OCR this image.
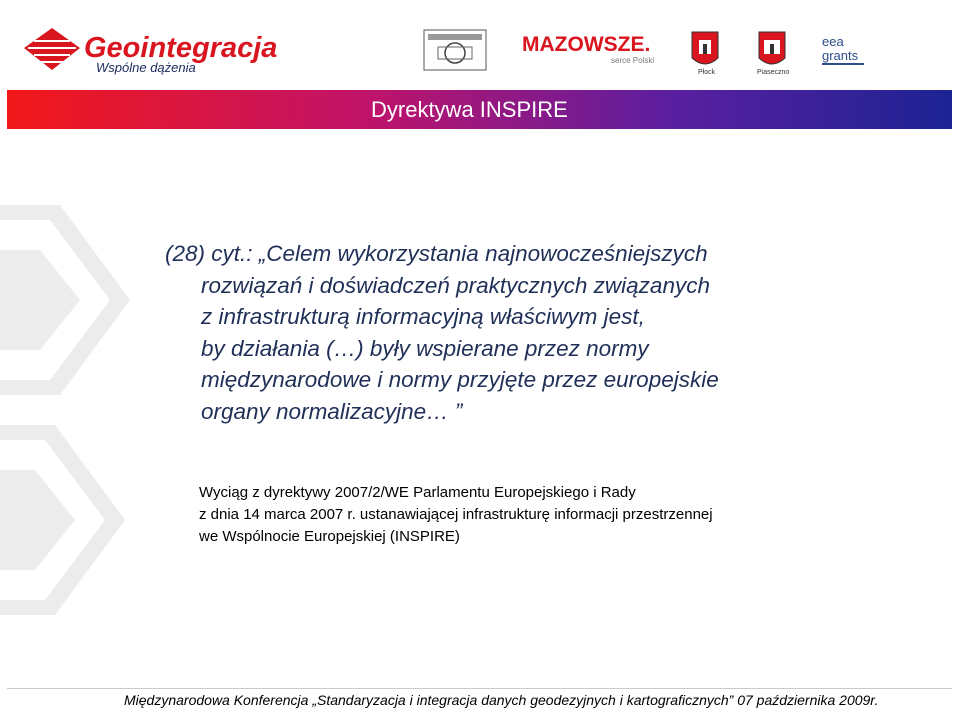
Geointegracja
Wspólne dążenia
MAZOWSZE.
serce Polski
Płock	Piaseczno
eea
grants
Dyrektywa INSPIRE
(28) cyt.: „Celem wykorzystania najnowocześniejszych
rozwiązań i doświadczeń praktycznych związanych
z infrastrukturą informacyjną właściwym jest,
by działania (…) były wspierane przez normy
międzynarodowe i normy przyjęte przez europejskie
organy normalizacyjne… ”
Wyciąg z dyrektywy 2007/2/WE Parlamentu Europejskiego i Rady
z dnia 14 marca 2007 r. ustanawiającej infrastrukturę informacji przestrzennej
we Wspólnocie Europejskiej (INSPIRE)
Międzynarodowa Konferencja „Standaryzacja i integracja danych geodezyjnych i kartograficznych” 07 października 2009r.
